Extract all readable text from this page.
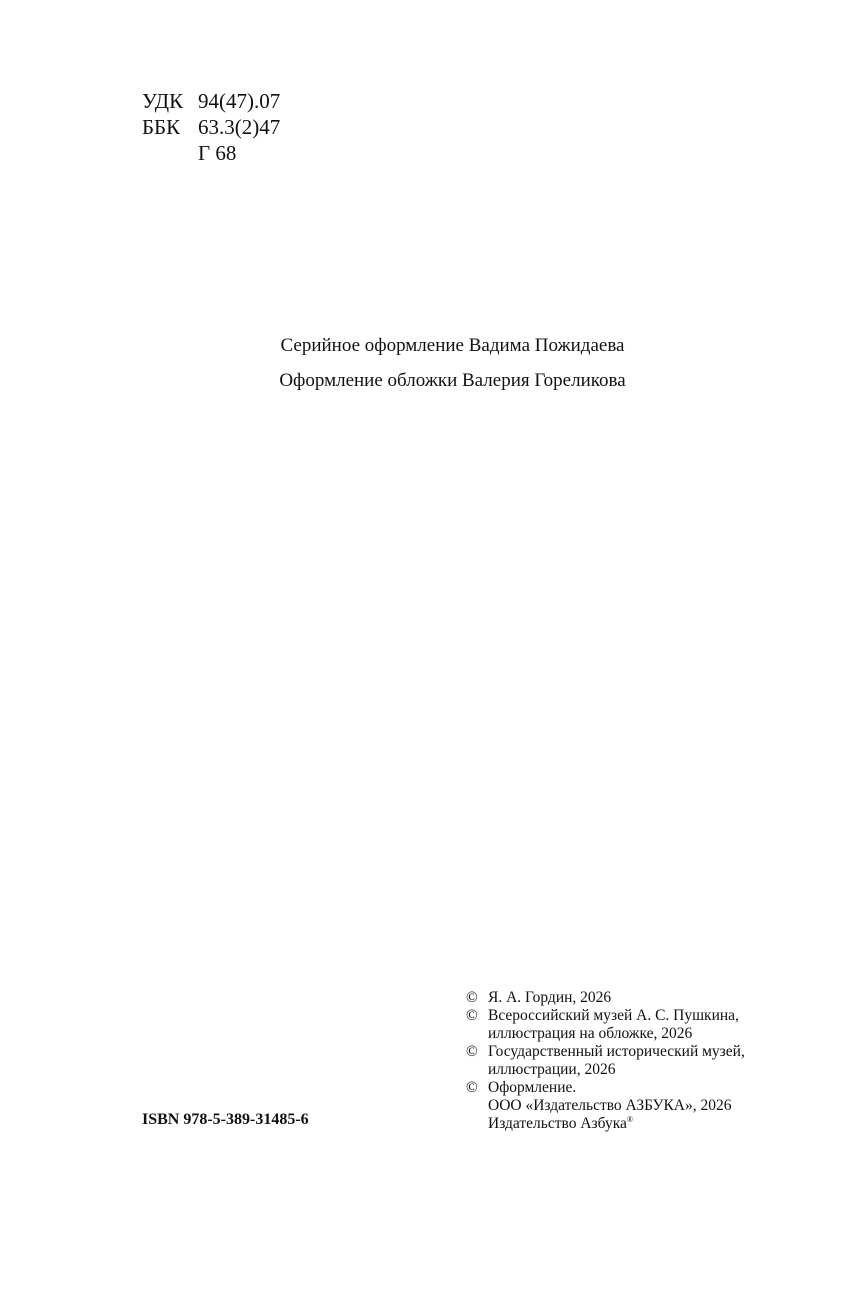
УДК 94(47).07
ББК 63.3(2)47
Г 68
Серийное оформление Вадима Пожидаева
Оформление обложки Валерия Гореликова
ISBN 978-5-389-31485-6
© Я. А. Гордин, 2026
© Всероссийский музей А. С. Пушкина,
иллюстрация на обложке, 2026
© Государственный исторический музей,
иллюстрации, 2026
© Оформление.
ООО «Издательство АЗБУКА», 2026
Издательство Азбука®
